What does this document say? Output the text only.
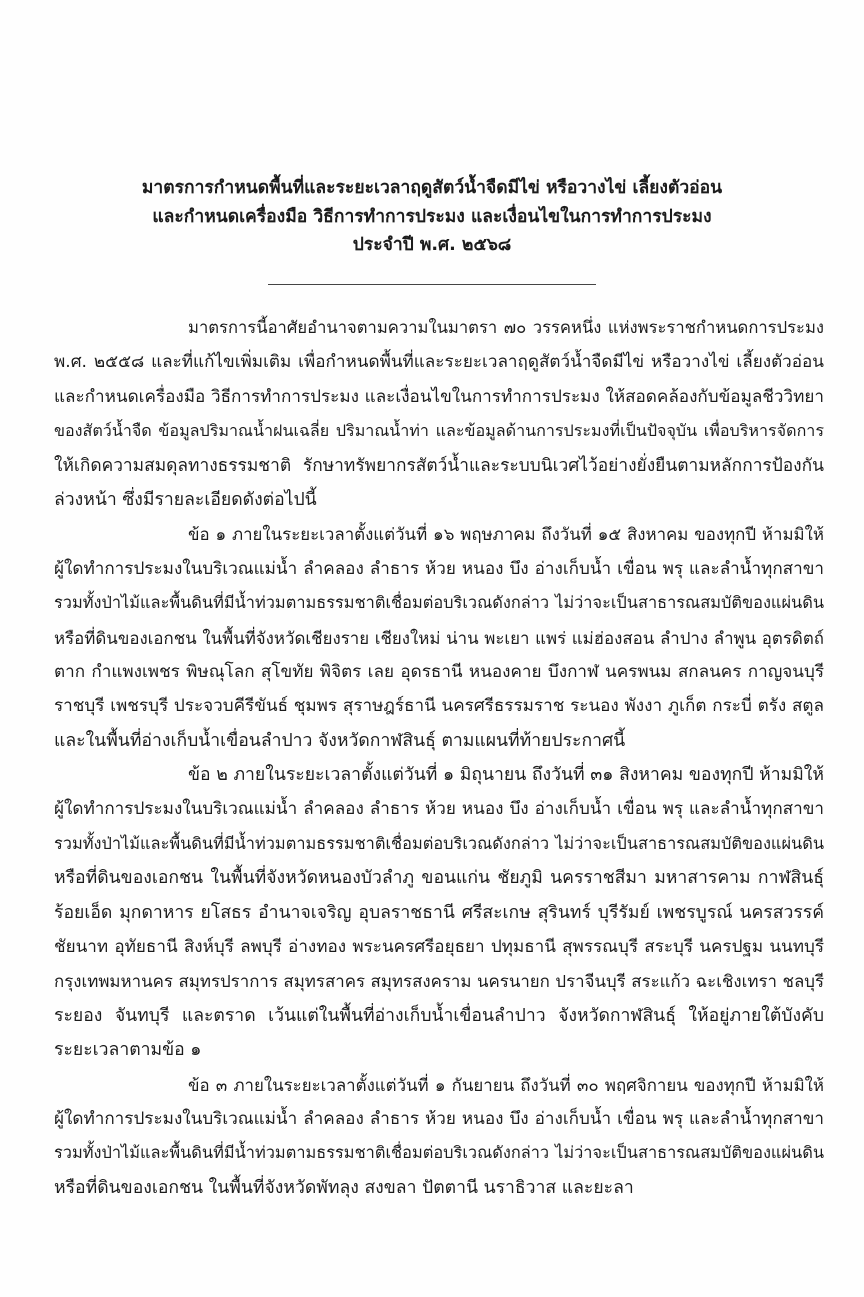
มาตรการกำหนดพื้นที่และระยะเวลาฤดูสัตว์น้ำจืดมีไข่ หรือวางไข่ เลี้ยงตัวอ่อน
และกำหนดเครื่องมือ วิธีการทำการประมง และเงื่อนไขในการทำการประมง
ประจำปี พ.ศ. ๒๕๖๘
มาตรการนี้อาศัยอำนาจตามความในมาตรา ๗๐ วรรคหนึ่ง แห่งพระราชกำหนดการประมง
พ.ศ. ๒๕๕๘ และที่แก้ไขเพิ่มเติม เพื่อกำหนดพื้นที่และระยะเวลาฤดูสัตว์น้ำจืดมีไข่ หรือวางไข่ เลี้ยงตัวอ่อน
และกำหนดเครื่องมือ วิธีการทำการประมง และเงื่อนไขในการทำการประมง ให้สอดคล้องกับข้อมูลชีววิทยา
ของสัตว์น้ำจืด ข้อมูลปริมาณน้ำฝนเฉลี่ย ปริมาณน้ำท่า และข้อมูลด้านการประมงที่เป็นปัจจุบัน เพื่อบริหารจัดการ
ให้เกิดความสมดุลทางธรรมชาติ รักษาทรัพยากรสัตว์น้ำและระบบนิเวศไว้อย่างยั่งยืนตามหลักการป้องกัน
ล่วงหน้า ซึ่งมีรายละเอียดดังต่อไปนี้
ข้อ ๑ ภายในระยะเวลาตั้งแต่วันที่ ๑๖ พฤษภาคม ถึงวันที่ ๑๕ สิงหาคม ของทุกปี ห้ามมิให้
ผู้ใดทำการประมงในบริเวณแม่น้ำ ลำคลอง ลำธาร ห้วย หนอง บึง อ่างเก็บน้ำ เขื่อน พรุ และลำน้ำทุกสาขา
รวมทั้งป่าไม้และพื้นดินที่มีน้ำท่วมตามธรรมชาติเชื่อมต่อบริเวณดังกล่าว ไม่ว่าจะเป็นสาธารณสมบัติของแผ่นดิน
หรือที่ดินของเอกชน ในพื้นที่จังหวัดเชียงราย เชียงใหม่ น่าน พะเยา แพร่ แม่ฮ่องสอน ลำปาง ลำพูน อุตรดิตถ์
ตาก กำแพงเพชร พิษณุโลก สุโขทัย พิจิตร เลย อุดรธานี หนองคาย บึงกาฬ นครพนม สกลนคร กาญจนบุรี
ราชบุรี เพชรบุรี ประจวบคีรีขันธ์ ชุมพร สุราษฎร์ธานี นครศรีธรรมราช ระนอง พังงา ภูเก็ต กระบี่ ตรัง สตูล
และในพื้นที่อ่างเก็บน้ำเขื่อนลำปาว จังหวัดกาฬสินธุ์ ตามแผนที่ท้ายประกาศนี้
ข้อ ๒ ภายในระยะเวลาตั้งแต่วันที่ ๑ มิถุนายน ถึงวันที่ ๓๑ สิงหาคม ของทุกปี ห้ามมิให้
ผู้ใดทำการประมงในบริเวณแม่น้ำ ลำคลอง ลำธาร ห้วย หนอง บึง อ่างเก็บน้ำ เขื่อน พรุ และลำน้ำทุกสาขา
รวมทั้งป่าไม้และพื้นดินที่มีน้ำท่วมตามธรรมชาติเชื่อมต่อบริเวณดังกล่าว ไม่ว่าจะเป็นสาธารณสมบัติของแผ่นดิน
หรือที่ดินของเอกชน ในพื้นที่จังหวัดหนองบัวลำภู ขอนแก่น ชัยภูมิ นครราชสีมา มหาสารคาม กาฬสินธุ์
ร้อยเอ็ด มุกดาหาร ยโสธร อำนาจเจริญ อุบลราชธานี ศรีสะเกษ สุรินทร์ บุรีรัมย์ เพชรบูรณ์ นครสวรรค์
ชัยนาท อุทัยธานี สิงห์บุรี ลพบุรี อ่างทอง พระนครศรีอยุธยา ปทุมธานี สุพรรณบุรี สระบุรี นครปฐม นนทบุรี
กรุงเทพมหานคร สมุทรปราการ สมุทรสาคร สมุทรสงคราม นครนายก ปราจีนบุรี สระแก้ว ฉะเชิงเทรา ชลบุรี
ระยอง จันทบุรี และตราด เว้นแต่ในพื้นที่อ่างเก็บน้ำเขื่อนลำปาว จังหวัดกาฬสินธุ์ ให้อยู่ภายใต้บังคับ
ระยะเวลาตามข้อ ๑
ข้อ ๓ ภายในระยะเวลาตั้งแต่วันที่ ๑ กันยายน ถึงวันที่ ๓๐ พฤศจิกายน ของทุกปี ห้ามมิให้
ผู้ใดทำการประมงในบริเวณแม่น้ำ ลำคลอง ลำธาร ห้วย หนอง บึง อ่างเก็บน้ำ เขื่อน พรุ และลำน้ำทุกสาขา
รวมทั้งป่าไม้และพื้นดินที่มีน้ำท่วมตามธรรมชาติเชื่อมต่อบริเวณดังกล่าว ไม่ว่าจะเป็นสาธารณสมบัติของแผ่นดิน
หรือที่ดินของเอกชน ในพื้นที่จังหวัดพัทลุง สงขลา ปัตตานี นราธิวาส และยะลา
